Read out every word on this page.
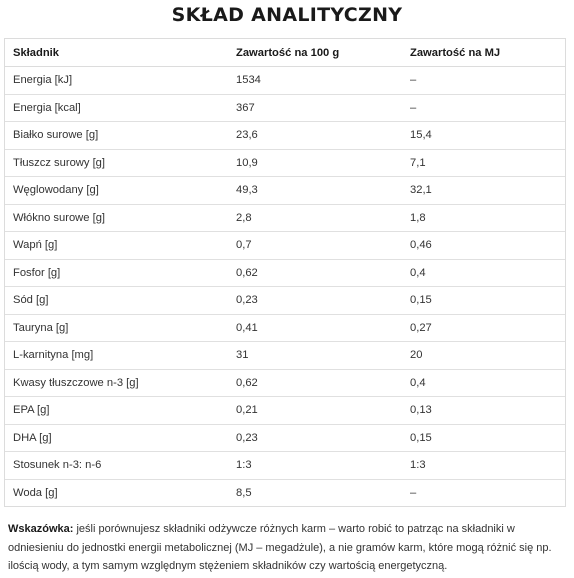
SKŁAD ANALITYCZNY
Składnik	Zawartość na 100 g	Zawartość na MJ
Energia [kJ]	1534	–
Energia [kcal]	367	–
Białko surowe [g]	23,6	15,4
Tłuszcz surowy [g]	10,9	7,1
Węglowodany [g]	49,3	32,1
Włókno surowe [g]	2,8	1,8
Wapń [g]	0,7	0,46
Fosfor [g]	0,62	0,4
Sód [g]	0,23	0,15
Tauryna [g]	0,41	0,27
L-karnityna [mg]	31	20
Kwasy tłuszczowe n-3 [g]	0,62	0,4
EPA [g]	0,21	0,13
DHA [g]	0,23	0,15
Stosunek n-3: n-6	1:3	1:3
Woda [g]	8,5	–
Wskazówka: jeśli porównujesz składniki odżywcze różnych karm – warto robić to patrząc na składniki w odniesieniu do jednostki energii metabolicznej (MJ – megadżule), a nie gramów karm, które mogą różnić się np. ilością wody, a tym samym względnym stężeniem składników czy wartością energetyczną.
